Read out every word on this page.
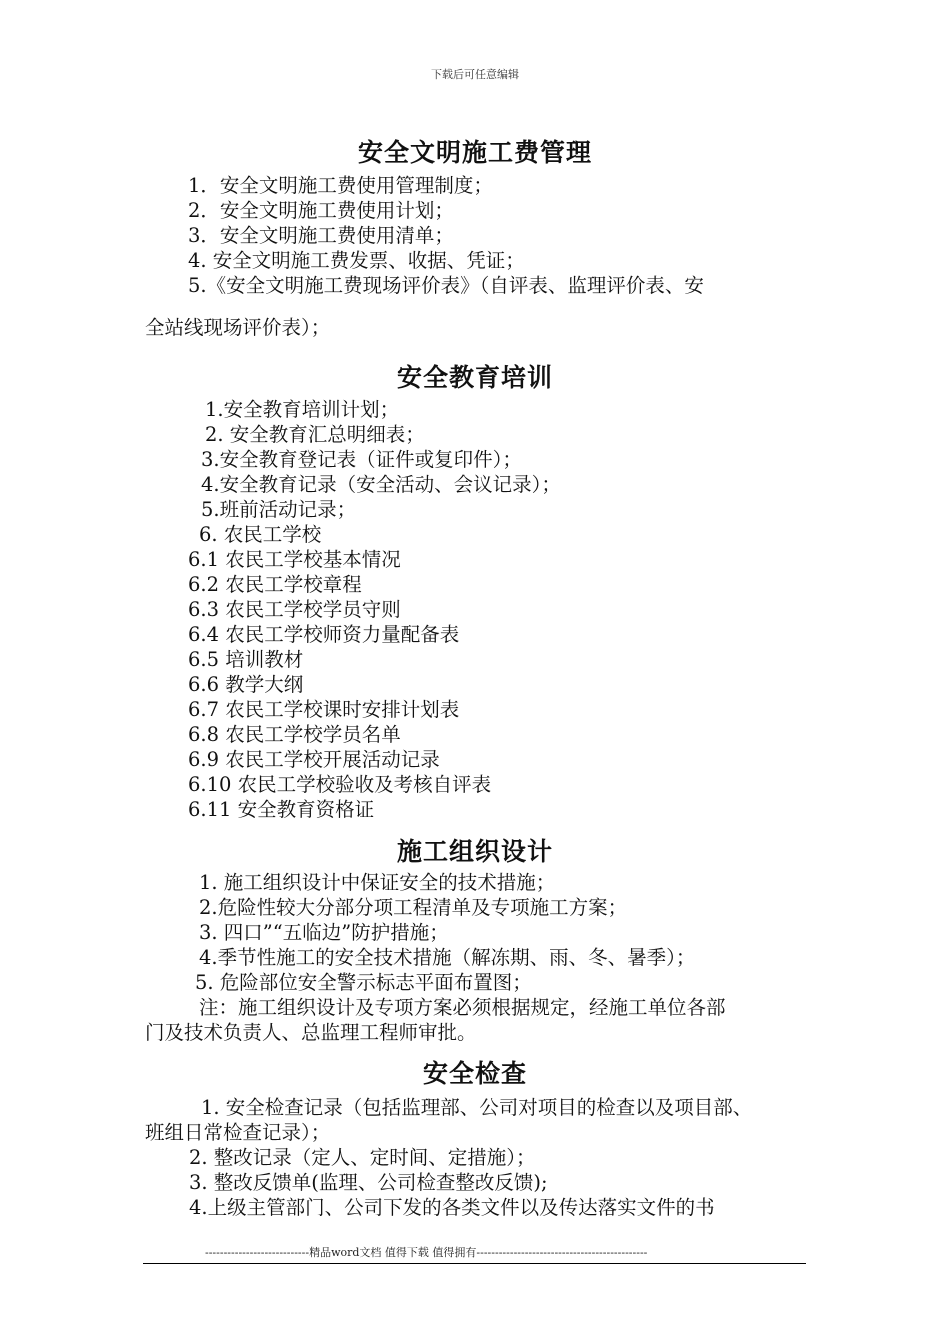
下载后可任意编辑
安全文明施工费管理
1．安全文明施工费使用管理制度；
2．安全文明施工费使用计划；
3．安全文明施工费使用清单；
4. 安全文明施工费发票、收据、凭证；
5.《安全文明施工费现场评价表》（自评表、监理评价表、安
全站线现场评价表）；
安全教育培训
1.安全教育培训计划；
2. 安全教育汇总明细表；
3.安全教育登记表（证件或复印件）；
4.安全教育记录（安全活动、会议记录）；
5.班前活动记录；
6. 农民工学校
6.1 农民工学校基本情况
6.2 农民工学校章程
6.3 农民工学校学员守则
6.4 农民工学校师资力量配备表
6.5 培训教材
6.6 教学大纲
6.7 农民工学校课时安排计划表
6.8 农民工学校学员名单
6.9 农民工学校开展活动记录
6.10 农民工学校验收及考核自评表
6.11 安全教育资格证
施工组织设计
1. 施工组织设计中保证安全的技术措施；
2.危险性较大分部分项工程清单及专项施工方案；
3. 四口”“五临边”防护措施；
4.季节性施工的安全技术措施（解冻期、雨、冬、暑季）；
5. 危险部位安全警示标志平面布置图；
注：施工组织设计及专项方案必须根据规定，经施工单位各部
门及技术负责人、总监理工程师审批。
安全检查
1. 安全检查记录（包括监理部、公司对项目的检查以及项目部、
班组日常检查记录）；
2. 整改记录（定人、定时间、定措施）；
3. 整改反馈单(监理、公司检查整改反馈);
4.上级主管部门、公司下发的各类文件以及传达落实文件的书
----------------------------精品word文档 值得下载 值得拥有----------------------------------------------
